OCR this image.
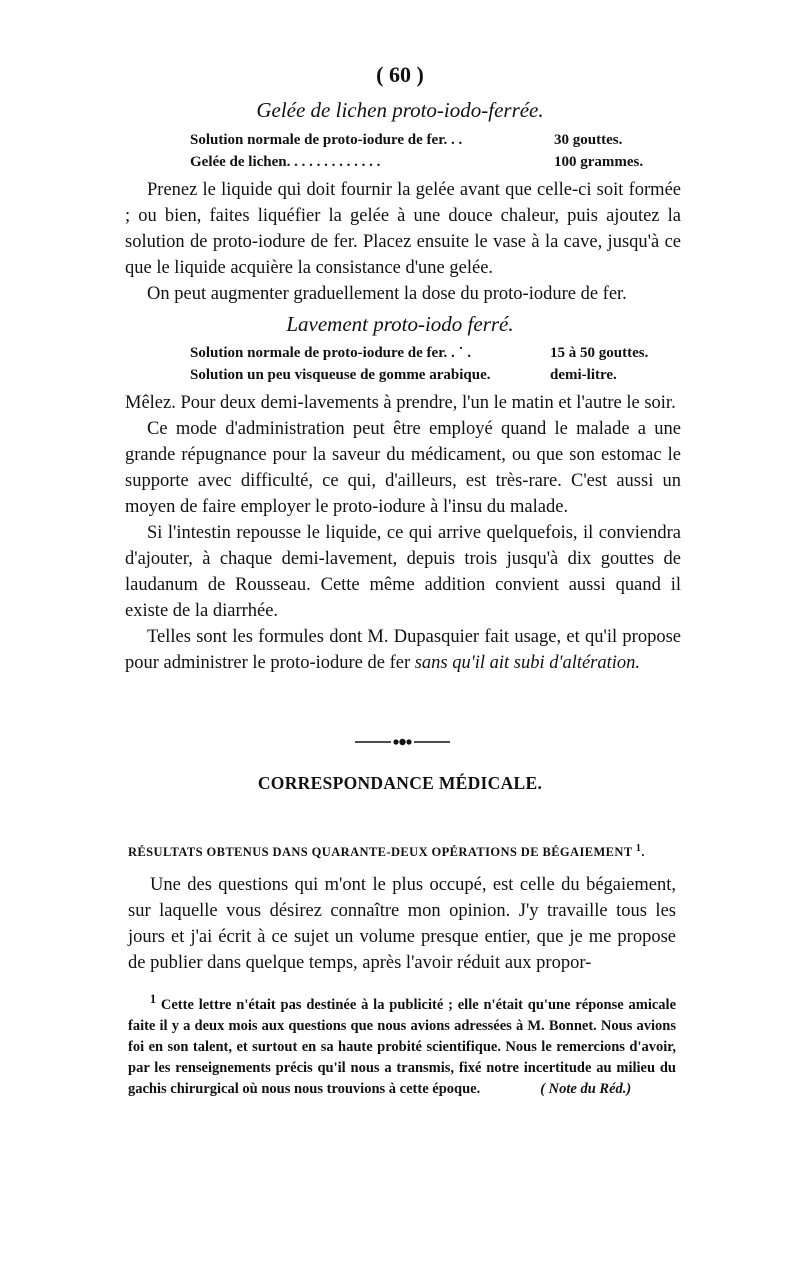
( 60 )
Gelée de lichen proto-iodo-ferrée.
Solution normale de proto-iodure de fer. . .	30 gouttes.
Gelée de lichen. . . . . . . . . . . . .	100 grammes.

Prenez le liquide qui doit fournir la gelée avant que celle-ci soit formée ; ou bien, faites liquéfier la gelée à une douce chaleur, puis ajoutez la solution de proto-iodure de fer. Placez ensuite le vase à la cave, jusqu'à ce que le liquide acquière la consistance d'une gelée.

On peut augmenter graduellement la dose du proto-iodure de fer.

Lavement proto-iodo ferré.
Solution normale de proto-iodure de fer. . ˙ .	15 à 50 gouttes.
Solution un peu visqueuse de gomme arabique.	demi-litre.

Mêlez. Pour deux demi-lavements à prendre, l'un le matin et l'autre le soir.

Ce mode d'administration peut être employé quand le malade a une grande répugnance pour la saveur du médicament, ou que son estomac le supporte avec difficulté, ce qui, d'ailleurs, est très-rare. C'est aussi un moyen de faire employer le proto-iodure à l'insu du malade.

Si l'intestin repousse le liquide, ce qui arrive quelquefois, il conviendra d'ajouter, à chaque demi-lavement, depuis trois jusqu'à dix gouttes de laudanum de Rousseau. Cette même addition convient aussi quand il existe de la diarrhée.

Telles sont les formules dont M. Dupasquier fait usage, et qu'il propose pour administrer le proto-iodure de fer sans qu'il ait subi d'altération.

CORRESPONDANCE MÉDICALE.
RÉSULTATS OBTENUS DANS QUARANTE-DEUX OPÉRATIONS DE BÉGAIEMENT $^1$.

Une des questions qui m'ont le plus occupé, est celle du bégaiement, sur laquelle vous désirez connaître mon opinion. J'y travaille tous les jours et j'ai écrit à ce sujet un volume presque entier, que je me propose de publier dans quelque temps, après l'avoir réduit aux propor-

$^1$ Cette lettre n'était pas destinée à la publicité ; elle n'était qu'une réponse amicale faite il y a deux mois aux questions que nous avions adressées à M. Bonnet. Nous avions foi en son talent, et surtout en sa haute probité scientifique. Nous le remercions d'avoir, par les renseignements précis qu'il nous a transmis, fixé notre incertitude au milieu du gachis chirurgical où nous nous trouvions à cette époque.	( Note du Réd.)
